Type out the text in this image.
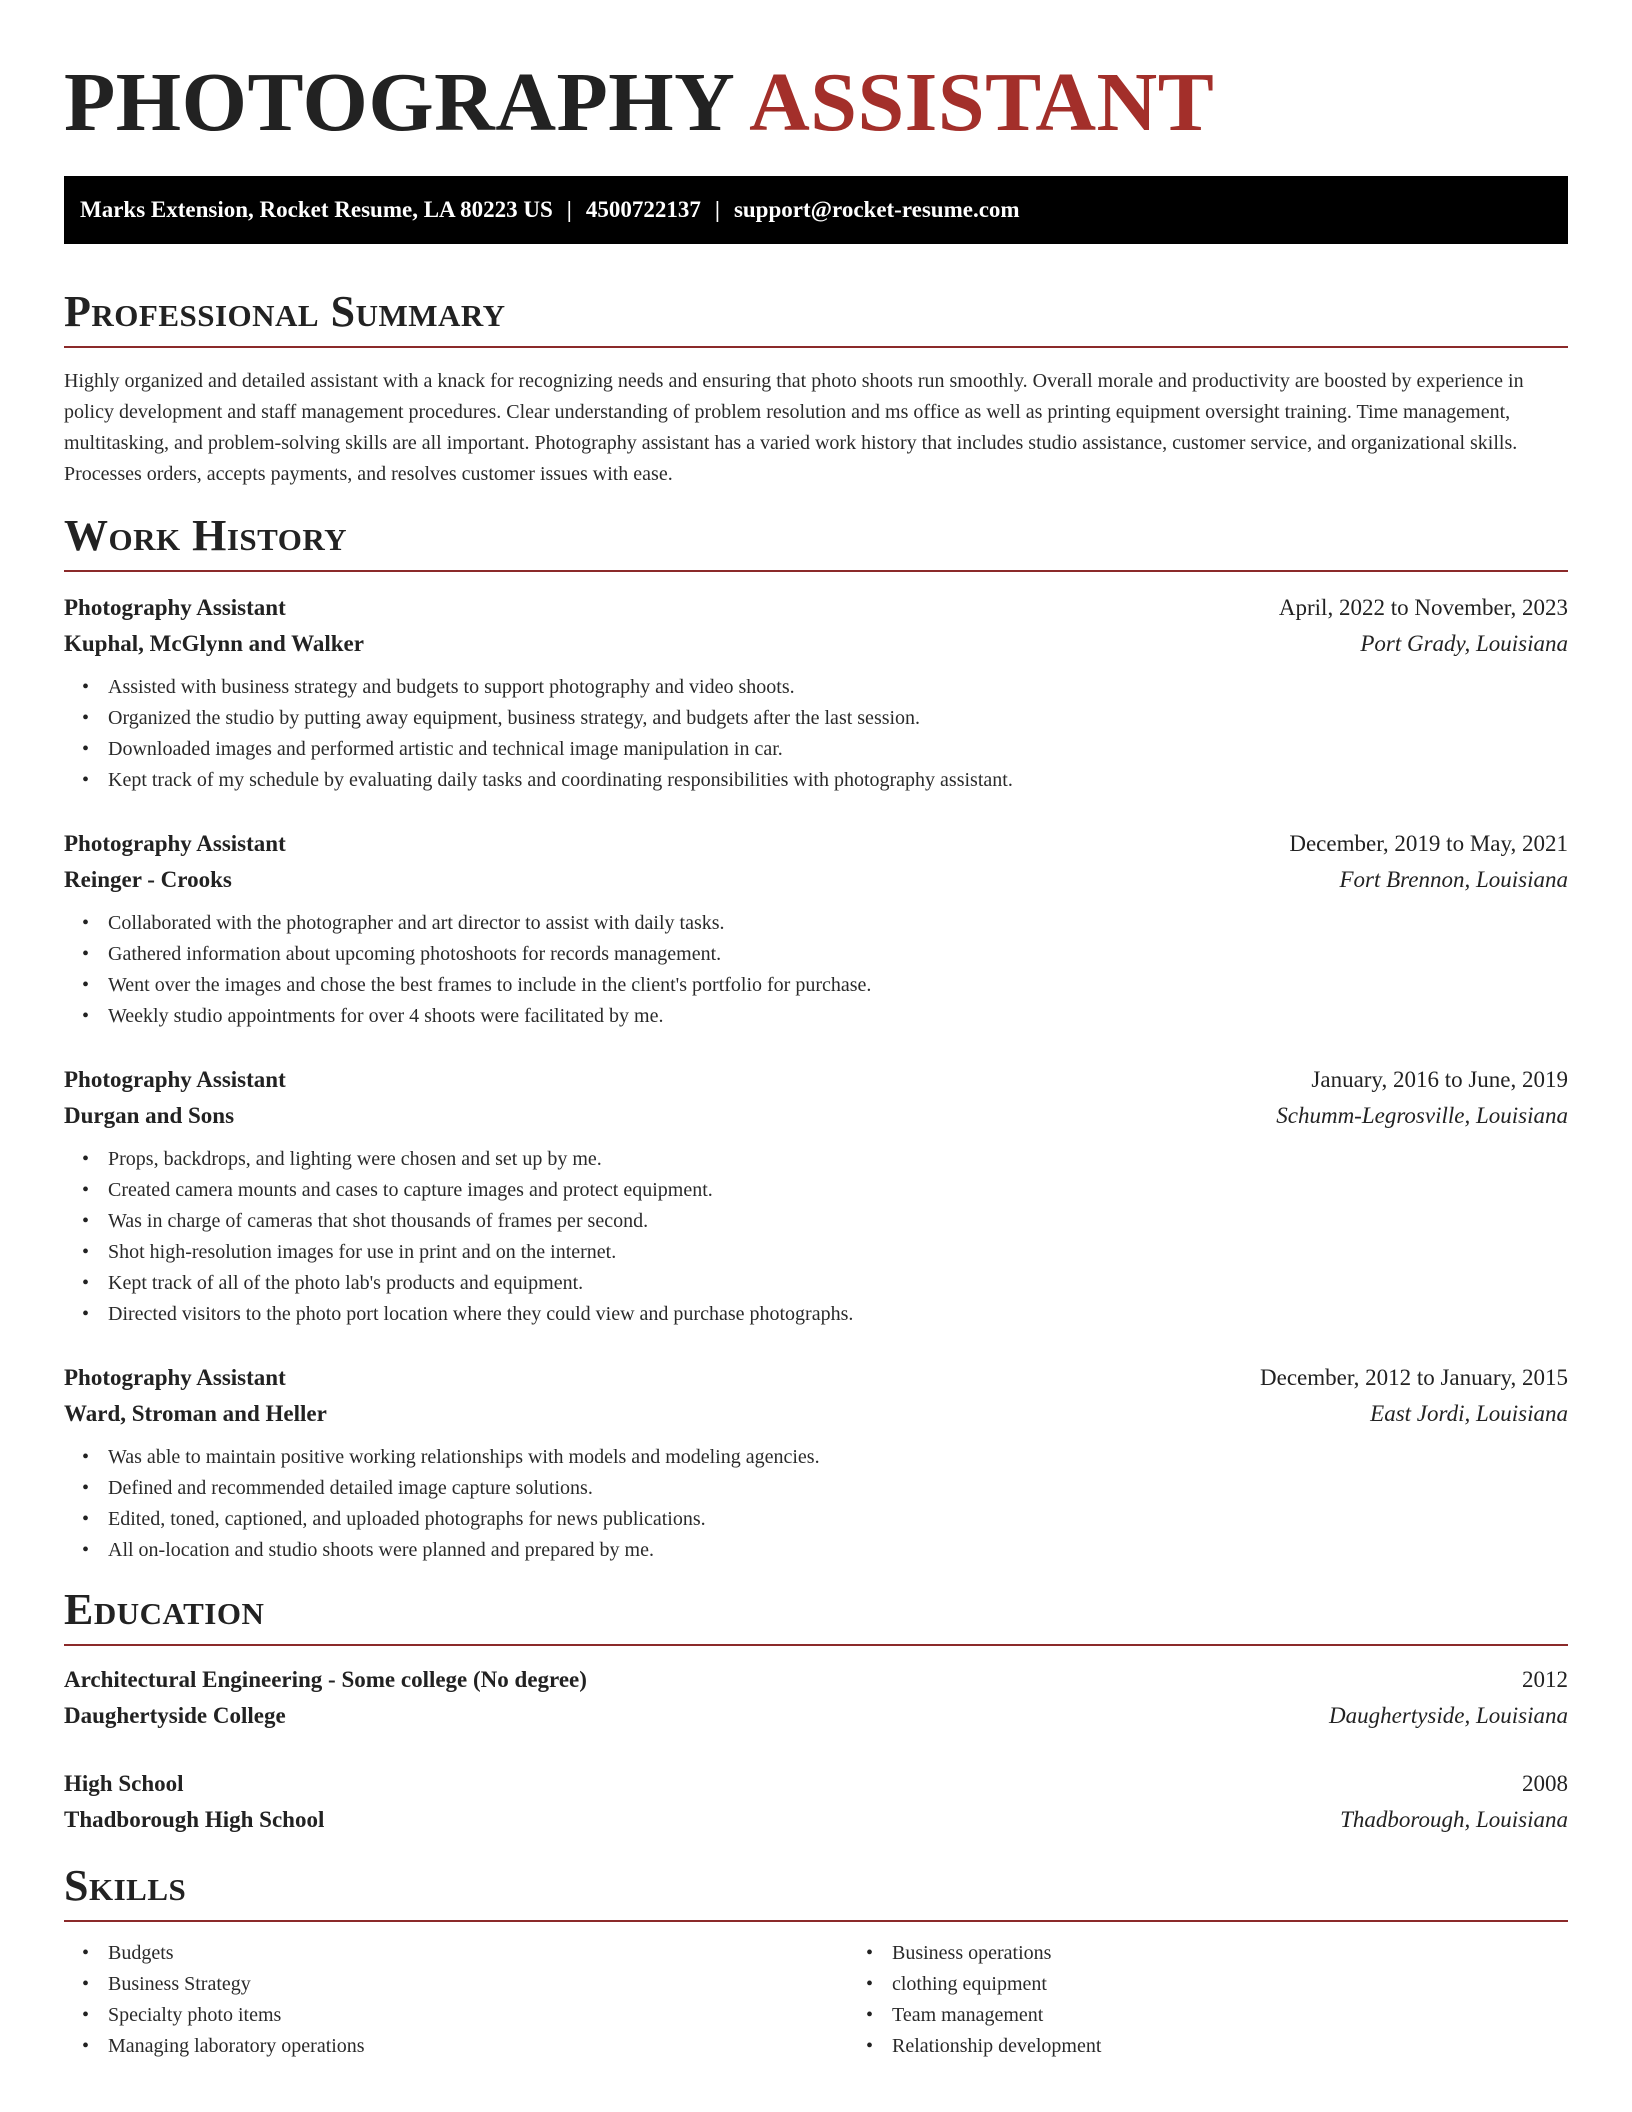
PHOTOGRAPHY ASSISTANT
Marks Extension, Rocket Resume, LA 80223 US | 4500722137 | support@rocket-resume.com
Professional Summary

Highly organized and detailed assistant with a knack for recognizing needs and ensuring that photo shoots run smoothly. Overall morale and productivity are boosted by experience in policy development and staff management procedures. Clear understanding of problem resolution and ms office as well as printing equipment oversight training. Time management, multitasking, and problem-solving skills are all important. Photography assistant has a varied work history that includes studio assistance, customer service, and organizational skills. Processes orders, accepts payments, and resolves customer issues with ease.

Work History
Photography Assistant	April, 2022 to November, 2023
Kuphal, McGlynn and Walker	Port Grady, Louisiana
• Assisted with business strategy and budgets to support photography and video shoots.
• Organized the studio by putting away equipment, business strategy, and budgets after the last session.
• Downloaded images and performed artistic and technical image manipulation in car.
• Kept track of my schedule by evaluating daily tasks and coordinating responsibilities with photography assistant.
Photography Assistant	December, 2019 to May, 2021
Reinger - Crooks	Fort Brennon, Louisiana
• Collaborated with the photographer and art director to assist with daily tasks.
• Gathered information about upcoming photoshoots for records management.
• Went over the images and chose the best frames to include in the client's portfolio for purchase.
• Weekly studio appointments for over 4 shoots were facilitated by me.
Photography Assistant	January, 2016 to June, 2019
Durgan and Sons	Schumm-Legrosville, Louisiana
• Props, backdrops, and lighting were chosen and set up by me.
• Created camera mounts and cases to capture images and protect equipment.
• Was in charge of cameras that shot thousands of frames per second.
• Shot high-resolution images for use in print and on the internet.
• Kept track of all of the photo lab's products and equipment.
• Directed visitors to the photo port location where they could view and purchase photographs.
Photography Assistant	December, 2012 to January, 2015
Ward, Stroman and Heller	East Jordi, Louisiana
• Was able to maintain positive working relationships with models and modeling agencies.
• Defined and recommended detailed image capture solutions.
• Edited, toned, captioned, and uploaded photographs for news publications.
• All on-location and studio shoots were planned and prepared by me.
Education
Architectural Engineering - Some college (No degree)	2012
Daughertyside College	Daughertyside, Louisiana
High School	2008
Thadborough High School	Thadborough, Louisiana
Skills
• Budgets
• Business Strategy
• Specialty photo items
• Managing laboratory operations
• Business operations
• clothing equipment
• Team management
• Relationship development
